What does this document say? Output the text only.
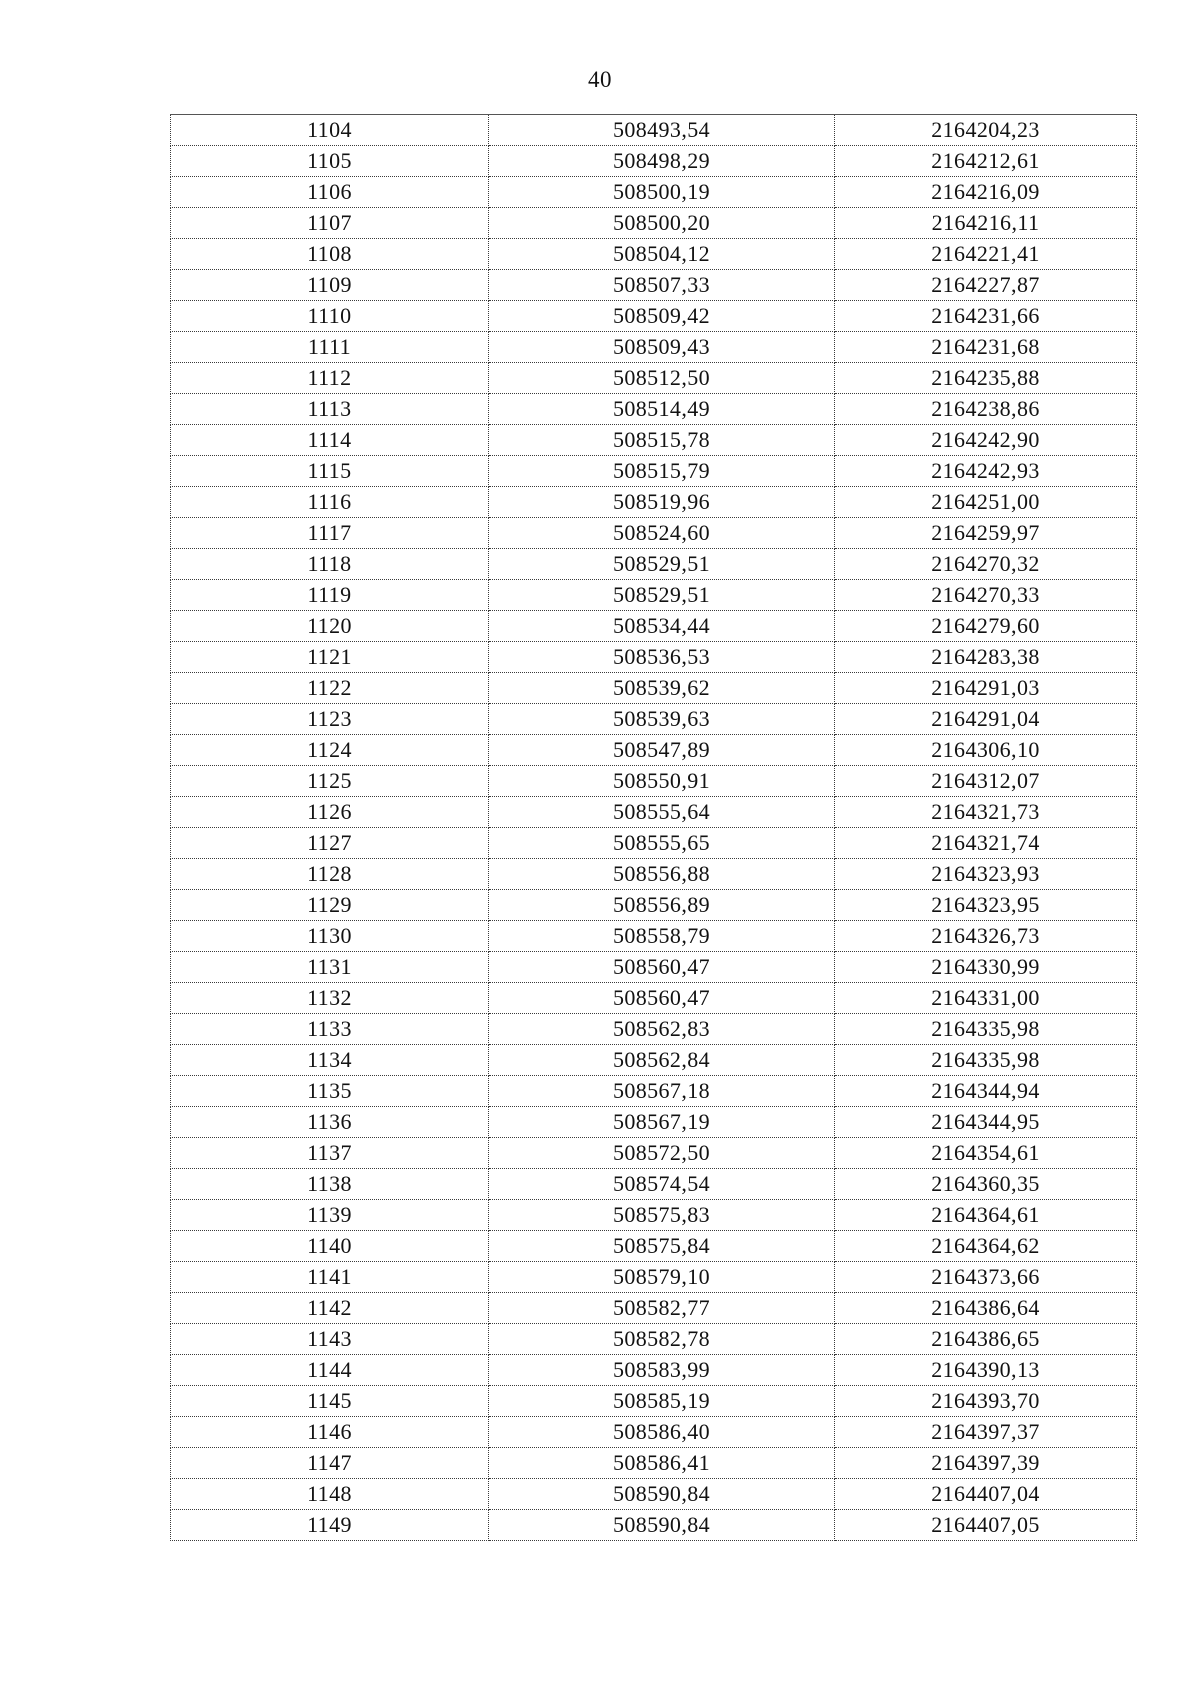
40
1104	508493,54	2164204,23
1105	508498,29	2164212,61
1106	508500,19	2164216,09
1107	508500,20	2164216,11
1108	508504,12	2164221,41
1109	508507,33	2164227,87
1110	508509,42	2164231,66
1111	508509,43	2164231,68
1112	508512,50	2164235,88
1113	508514,49	2164238,86
1114	508515,78	2164242,90
1115	508515,79	2164242,93
1116	508519,96	2164251,00
1117	508524,60	2164259,97
1118	508529,51	2164270,32
1119	508529,51	2164270,33
1120	508534,44	2164279,60
1121	508536,53	2164283,38
1122	508539,62	2164291,03
1123	508539,63	2164291,04
1124	508547,89	2164306,10
1125	508550,91	2164312,07
1126	508555,64	2164321,73
1127	508555,65	2164321,74
1128	508556,88	2164323,93
1129	508556,89	2164323,95
1130	508558,79	2164326,73
1131	508560,47	2164330,99
1132	508560,47	2164331,00
1133	508562,83	2164335,98
1134	508562,84	2164335,98
1135	508567,18	2164344,94
1136	508567,19	2164344,95
1137	508572,50	2164354,61
1138	508574,54	2164360,35
1139	508575,83	2164364,61
1140	508575,84	2164364,62
1141	508579,10	2164373,66
1142	508582,77	2164386,64
1143	508582,78	2164386,65
1144	508583,99	2164390,13
1145	508585,19	2164393,70
1146	508586,40	2164397,37
1147	508586,41	2164397,39
1148	508590,84	2164407,04
1149	508590,84	2164407,05
